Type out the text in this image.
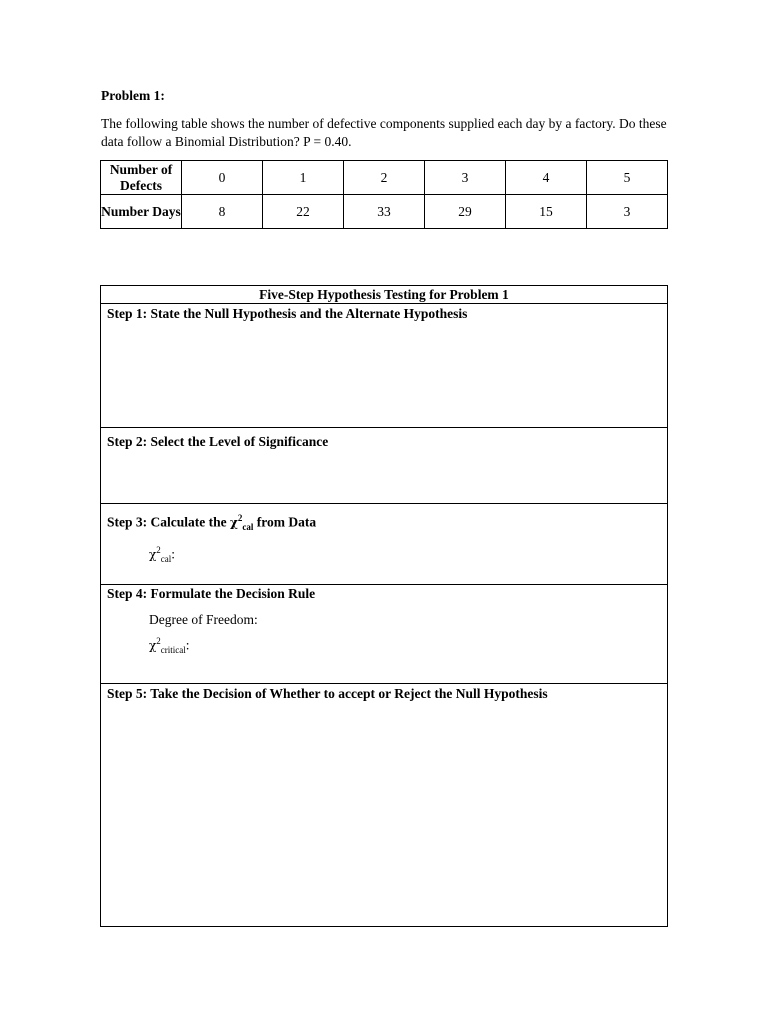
Problem 1:
The following table shows the number of defective components supplied each day by a factory. Do these data follow a Binomial Distribution? P = 0.40.
Number of Defects	0	1	2	3	4	5
Number Days	8	22	33	29	15	3
Five-Step Hypothesis Testing for Problem 1

Step 1: State the Null Hypothesis and the Alternate Hypothesis

Step 2: Select the Level of Significance

Step 3: Calculate the $\chi^2_{cal}$ from Data
$\chi^2_{cal}$:

Step 4: Formulate the Decision Rule
Degree of Freedom:
$\chi^2_{critical}$:

Step 5: Take the Decision of Whether to accept or Reject the Null Hypothesis
